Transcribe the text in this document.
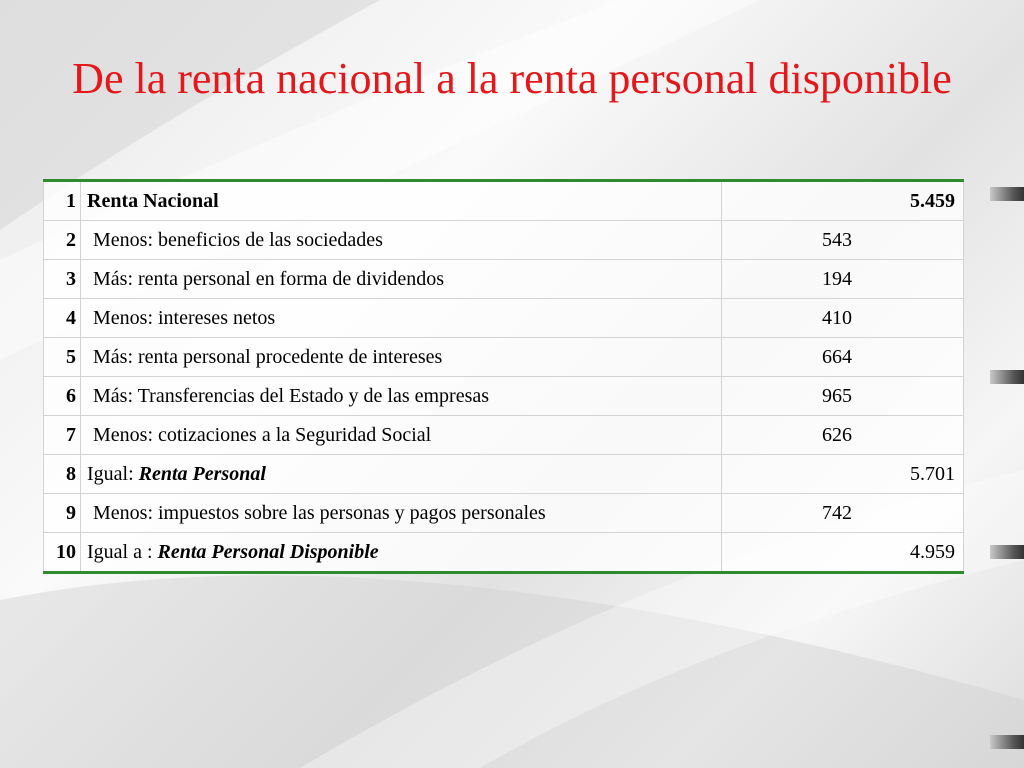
De la renta nacional a la renta personal disponible
1	Renta Nacional	5.459
2	Menos: beneficios de las sociedades	543
3	Más: renta personal en forma de dividendos	194
4	Menos: intereses netos	410
5	Más: renta personal procedente de intereses	664
6	Más: Transferencias del Estado y de las empresas	965
7	Menos: cotizaciones a la Seguridad Social	626
8	Igual: Renta Personal	5.701
9	Menos: impuestos sobre las personas y pagos personales	742
10	Igual a : Renta Personal Disponible	4.959
